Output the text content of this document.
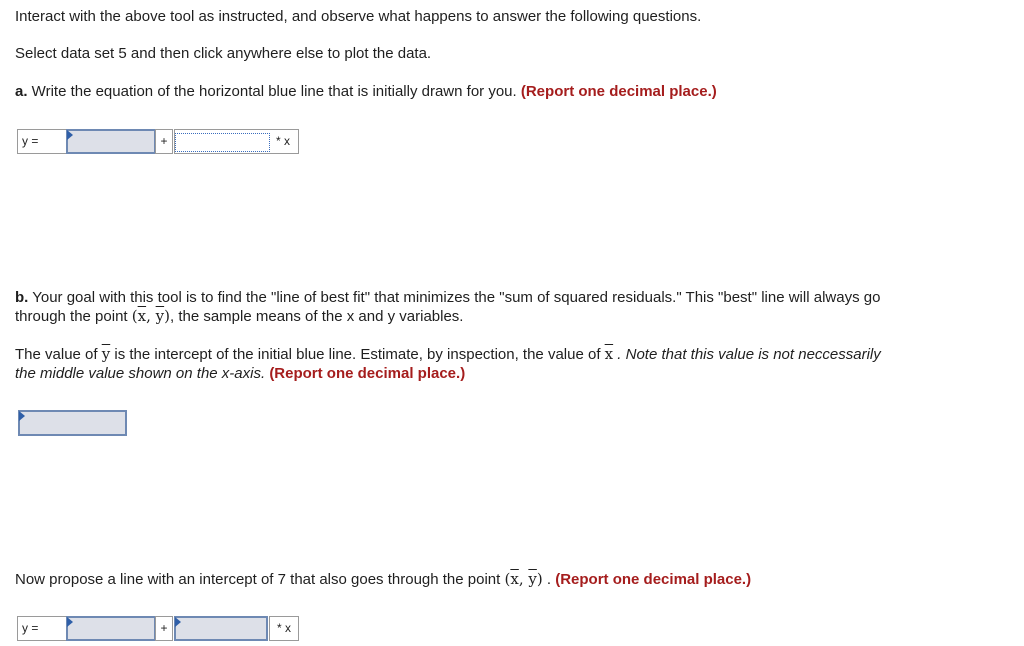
Interact with the above tool as instructed, and observe what happens to answer the following questions.
Select data set 5 and then click anywhere else to plot the data.
a. Write the equation of the horizontal blue line that is initially drawn for you. (Report one decimal place.)
y =	+	* x
b. Your goal with this tool is to find the "line of best fit" that minimizes the "sum of squared residuals." This "best" line will always go
through the point ($\overline{x}$, $\overline{y}$), the sample means of the x and y variables.
The value of $\overline{y}$ is the intercept of the initial blue line. Estimate, by inspection, the value of $\overline{x}$ . Note that this value is not neccessarily
the middle value shown on the x-axis. (Report one decimal place.)
Now propose a line with an intercept of 7 that also goes through the point ($\overline{x}$, $\overline{y}$) . (Report one decimal place.)
y =	+	* x
